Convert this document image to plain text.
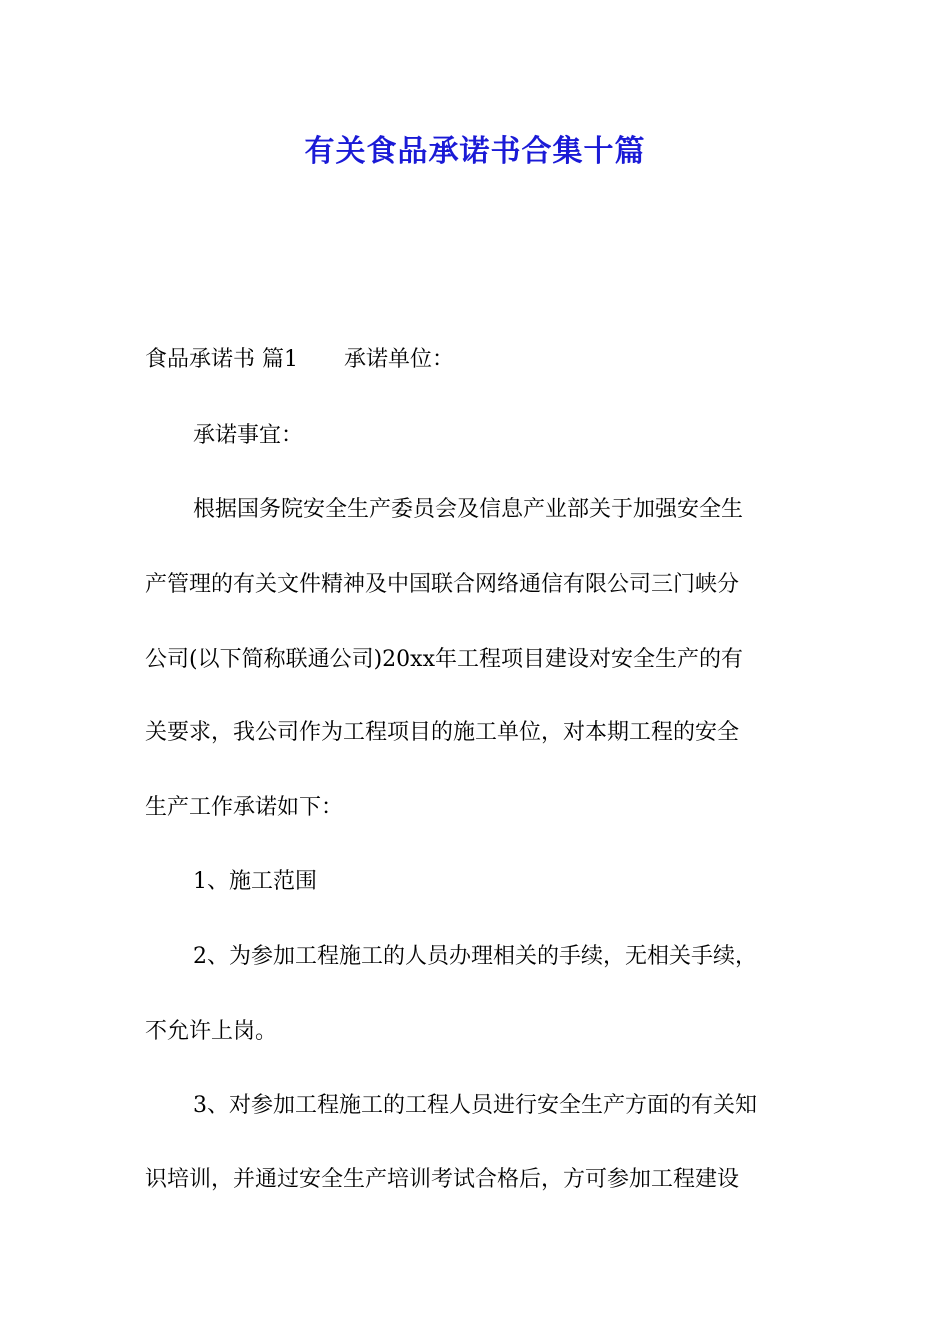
有关食品承诺书合集十篇
食品承诺书 篇1 承诺单位：
承诺事宜：
根据国务院安全生产委员会及信息产业部关于加强安全生
产管理的有关文件精神及中国联合网络通信有限公司三门峡分
公司(以下简称联通公司)20xx年工程项目建设对安全生产的有
关要求，我公司作为工程项目的施工单位，对本期工程的安全
生产工作承诺如下：
1、施工范围
2、为参加工程施工的人员办理相关的手续，无相关手续，
不允许上岗。
3、对参加工程施工的工程人员进行安全生产方面的有关知
识培训，并通过安全生产培训考试合格后，方可参加工程建设
